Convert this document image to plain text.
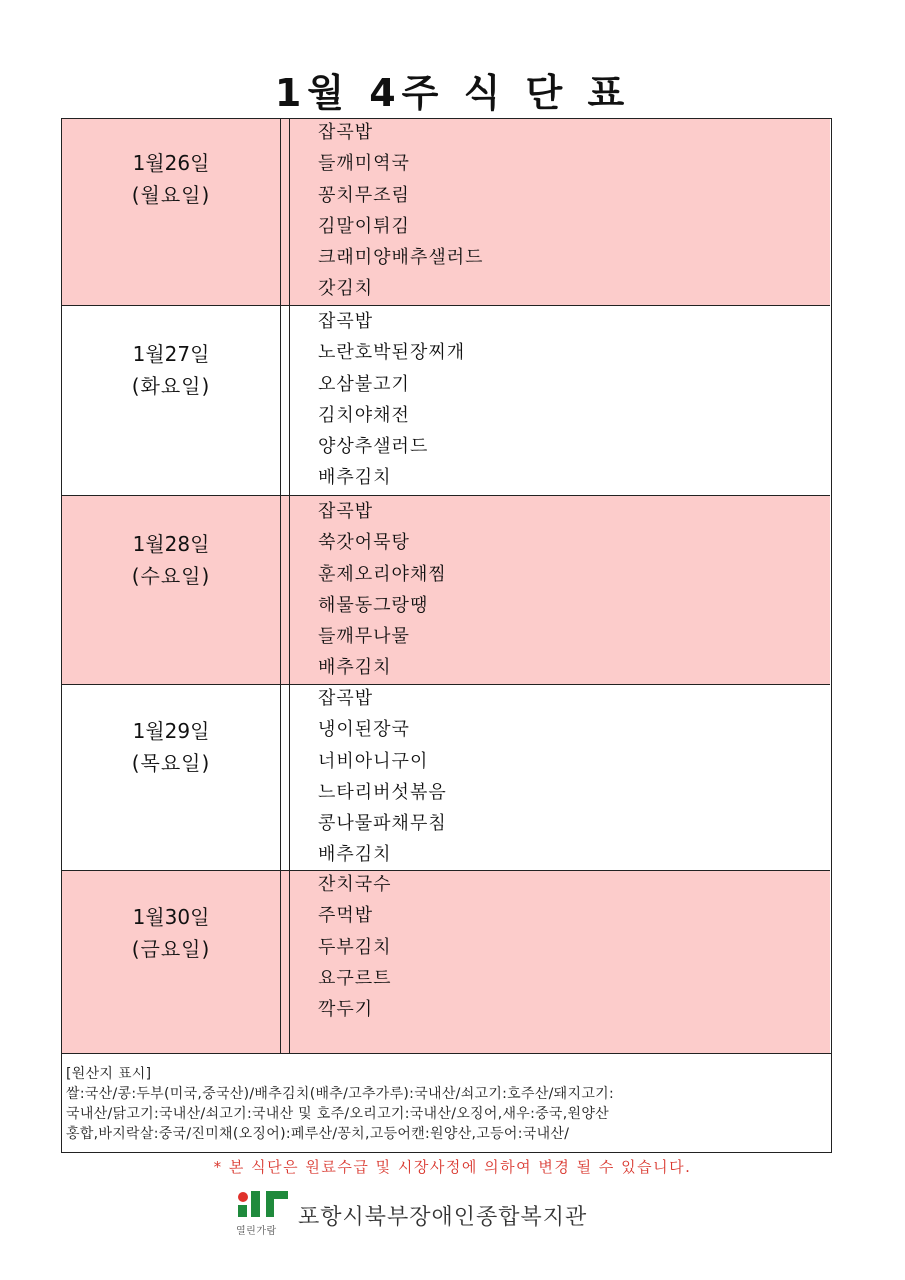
1월 4주 식 단 표
1월26일
(월요일)
잡곡밥
들깨미역국
꽁치무조림
김말이튀김
크래미양배추샐러드
갓김치
1월27일
(화요일)
잡곡밥
노란호박된장찌개
오삼불고기
김치야채전
양상추샐러드
배추김치
1월28일
(수요일)
잡곡밥
쑥갓어묵탕
훈제오리야채찜
해물동그랑땡
들깨무나물
배추김치
1월29일
(목요일)
잡곡밥
냉이된장국
너비아니구이
느타리버섯볶음
콩나물파채무침
배추김치
1월30일
(금요일)
잔치국수
주먹밥
두부김치
요구르트
깍두기
[원산지 표시]
쌀:국산/콩:두부(미국,중국산)/배추김치(배추/고추가루):국내산/쇠고기:호주산/돼지고기:
국내산/닭고기:국내산/쇠고기:국내산 및 호주/오리고기:국내산/오징어,새우:중국,원양산
홍합,바지락살:중국/진미채(오징어):페루산/꽁치,고등어캔:원양산,고등어:국내산/
* 본 식단은 원료수급 및 시장사정에 의하여 변경 될 수 있습니다.
열린가람
포항시북부장애인종합복지관
